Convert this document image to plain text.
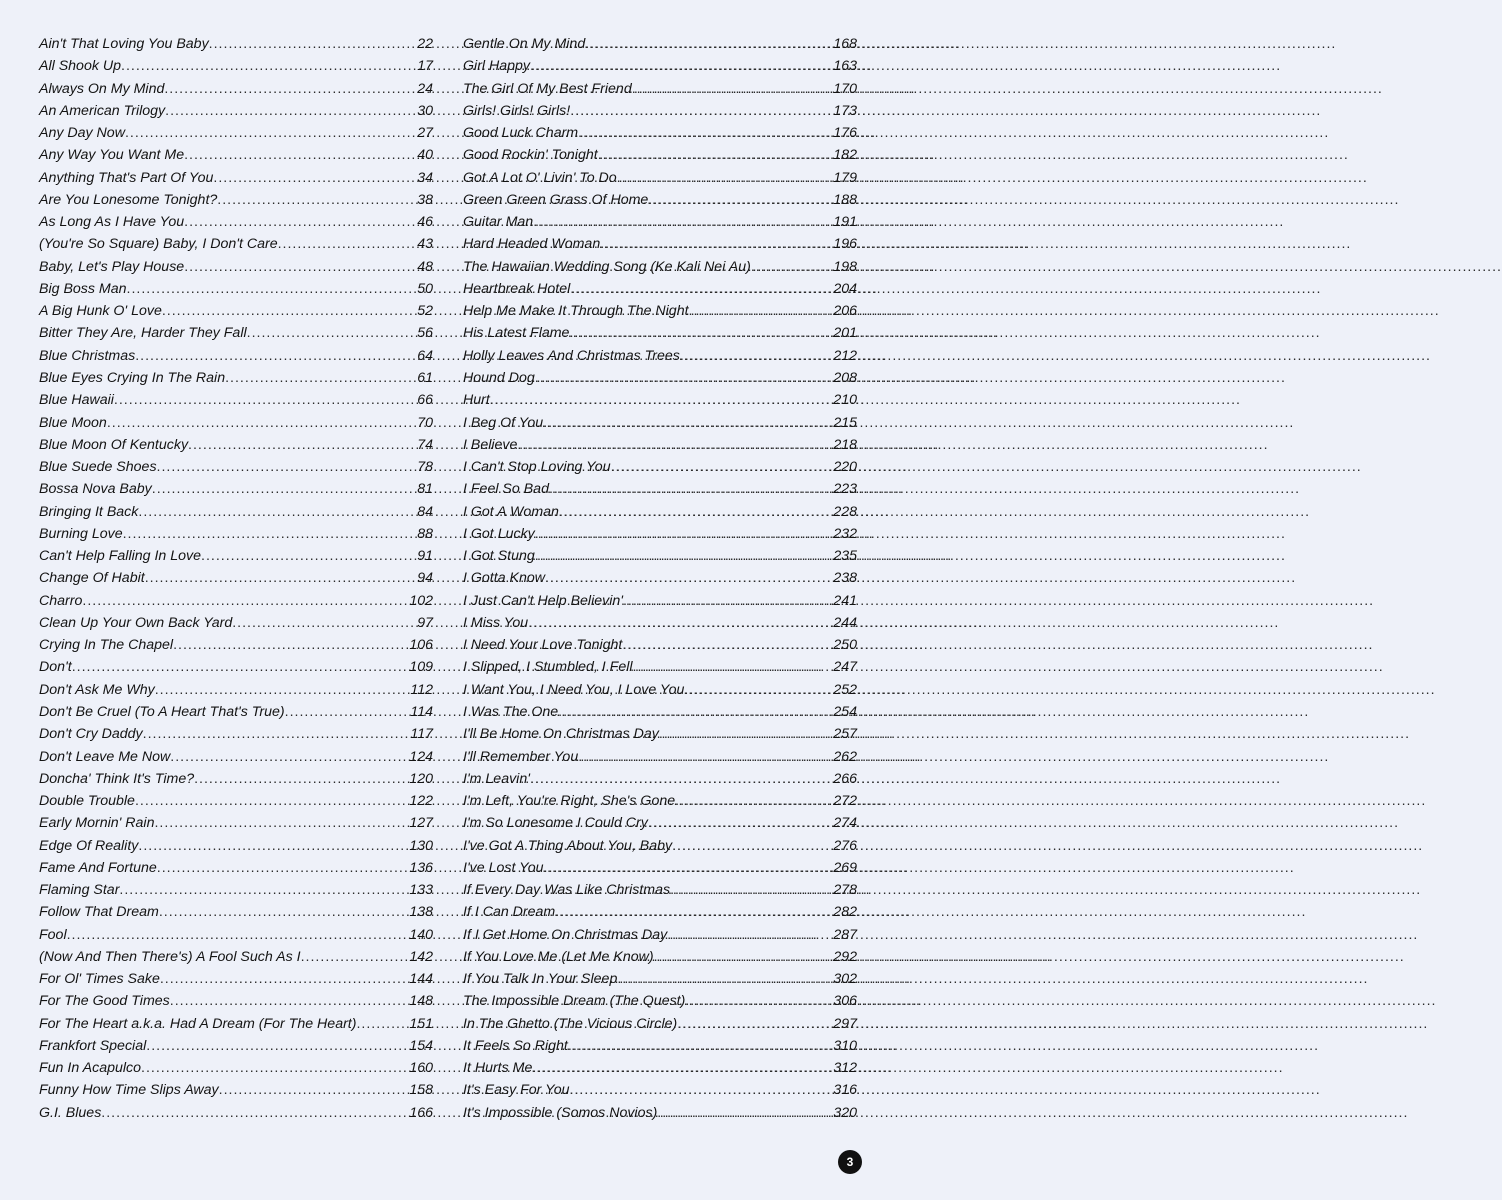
Ain't That Loving You Baby .....	22
All Shook Up .....	17
Always On My Mind .....	24
An American Trilogy .....	30
Any Day Now .....	27
Any Way You Want Me .....	40
Anything That's Part Of You .....	34
Are You Lonesome Tonight? .....	38
As Long As I Have You .....	46
(You're So Square) Baby, I Don't Care .....	43
Baby, Let's Play House .....	48
Big Boss Man .....	50
A Big Hunk O' Love .....	52
Bitter They Are, Harder They Fall .....	56
Blue Christmas .....	64
Blue Eyes Crying In The Rain .....	61
Blue Hawaii .....	66
Blue Moon .....	70
Blue Moon Of Kentucky .....	74
Blue Suede Shoes .....	78
Bossa Nova Baby .....	81
Bringing It Back .....	84
Burning Love .....	88
Can't Help Falling In Love .....	91
Change Of Habit .....	94
Charro .....	102
Clean Up Your Own Back Yard .....	97
Crying In The Chapel .....	106
Don't .....	109
Don't Ask Me Why .....	112
Don't Be Cruel (To A Heart That's True) .....	114
Don't Cry Daddy .....	117
Don't Leave Me Now .....	124
Doncha' Think It's Time? .....	120
Double Trouble .....	122
Early Mornin' Rain .....	127
Edge Of Reality .....	130
Fame And Fortune .....	136
Flaming Star .....	133
Follow That Dream .....	138
Fool .....	140
(Now And Then There's) A Fool Such As I .....	142
For Ol' Times Sake .....	144
For The Good Times .....	148
For The Heart a.k.a. Had A Dream (For The Heart) .....	151
Frankfort Special .....	154
Fun In Acapulco .....	160
Funny How Time Slips Away .....	158
G.I. Blues .....	166
Gentle On My Mind .....	168
Girl Happy .....	163
The Girl Of My Best Friend .....	170
Girls! Girls! Girls! .....	173
Good Luck Charm .....	176
Good Rockin' Tonight .....	182
Got A Lot O' Livin' To Do .....	179
Green Green Grass Of Home .....	188
Guitar Man .....	191
Hard Headed Woman .....	196
The Hawaiian Wedding Song (Ke Kali Nei Au) .....	198
Heartbreak Hotel .....	204
Help Me Make It Through The Night .....	206
His Latest Flame .....	201
Holly Leaves And Christmas Trees .....	212
Hound Dog .....	208
Hurt .....	210
I Beg Of You .....	215
I Believe .....	218
I Can't Stop Loving You .....	220
I Feel So Bad .....	223
I Got A Woman .....	228
I Got Lucky .....	232
I Got Stung .....	235
I Gotta Know .....	238
I Just Can't Help Believin' .....	241
I Miss You .....	244
I Need Your Love Tonight .....	250
I Slipped, I Stumbled, I Fell .....	247
I Want You, I Need You, I Love You .....	252
I Was The One .....	254
I'll Be Home On Christmas Day .....	257
I'll Remember You .....	262
I'm Leavin' .....	266
I'm Left, You're Right, She's Gone .....	272
I'm So Lonesome I Could Cry .....	274
I've Got A Thing About You, Baby .....	276
I've Lost You .....	269
If Every Day Was Like Christmas .....	278
If I Can Dream .....	282
If I Get Home On Christmas Day .....	287
If You Love Me (Let Me Know) .....	292
If You Talk In Your Sleep .....	302
The Impossible Dream (The Quest) .....	306
In The Ghetto (The Vicious Circle) .....	297
It Feels So Right .....	310
It Hurts Me .....	312
It's Easy For You .....	316
It's Impossible (Somos Novios) .....	320
3
